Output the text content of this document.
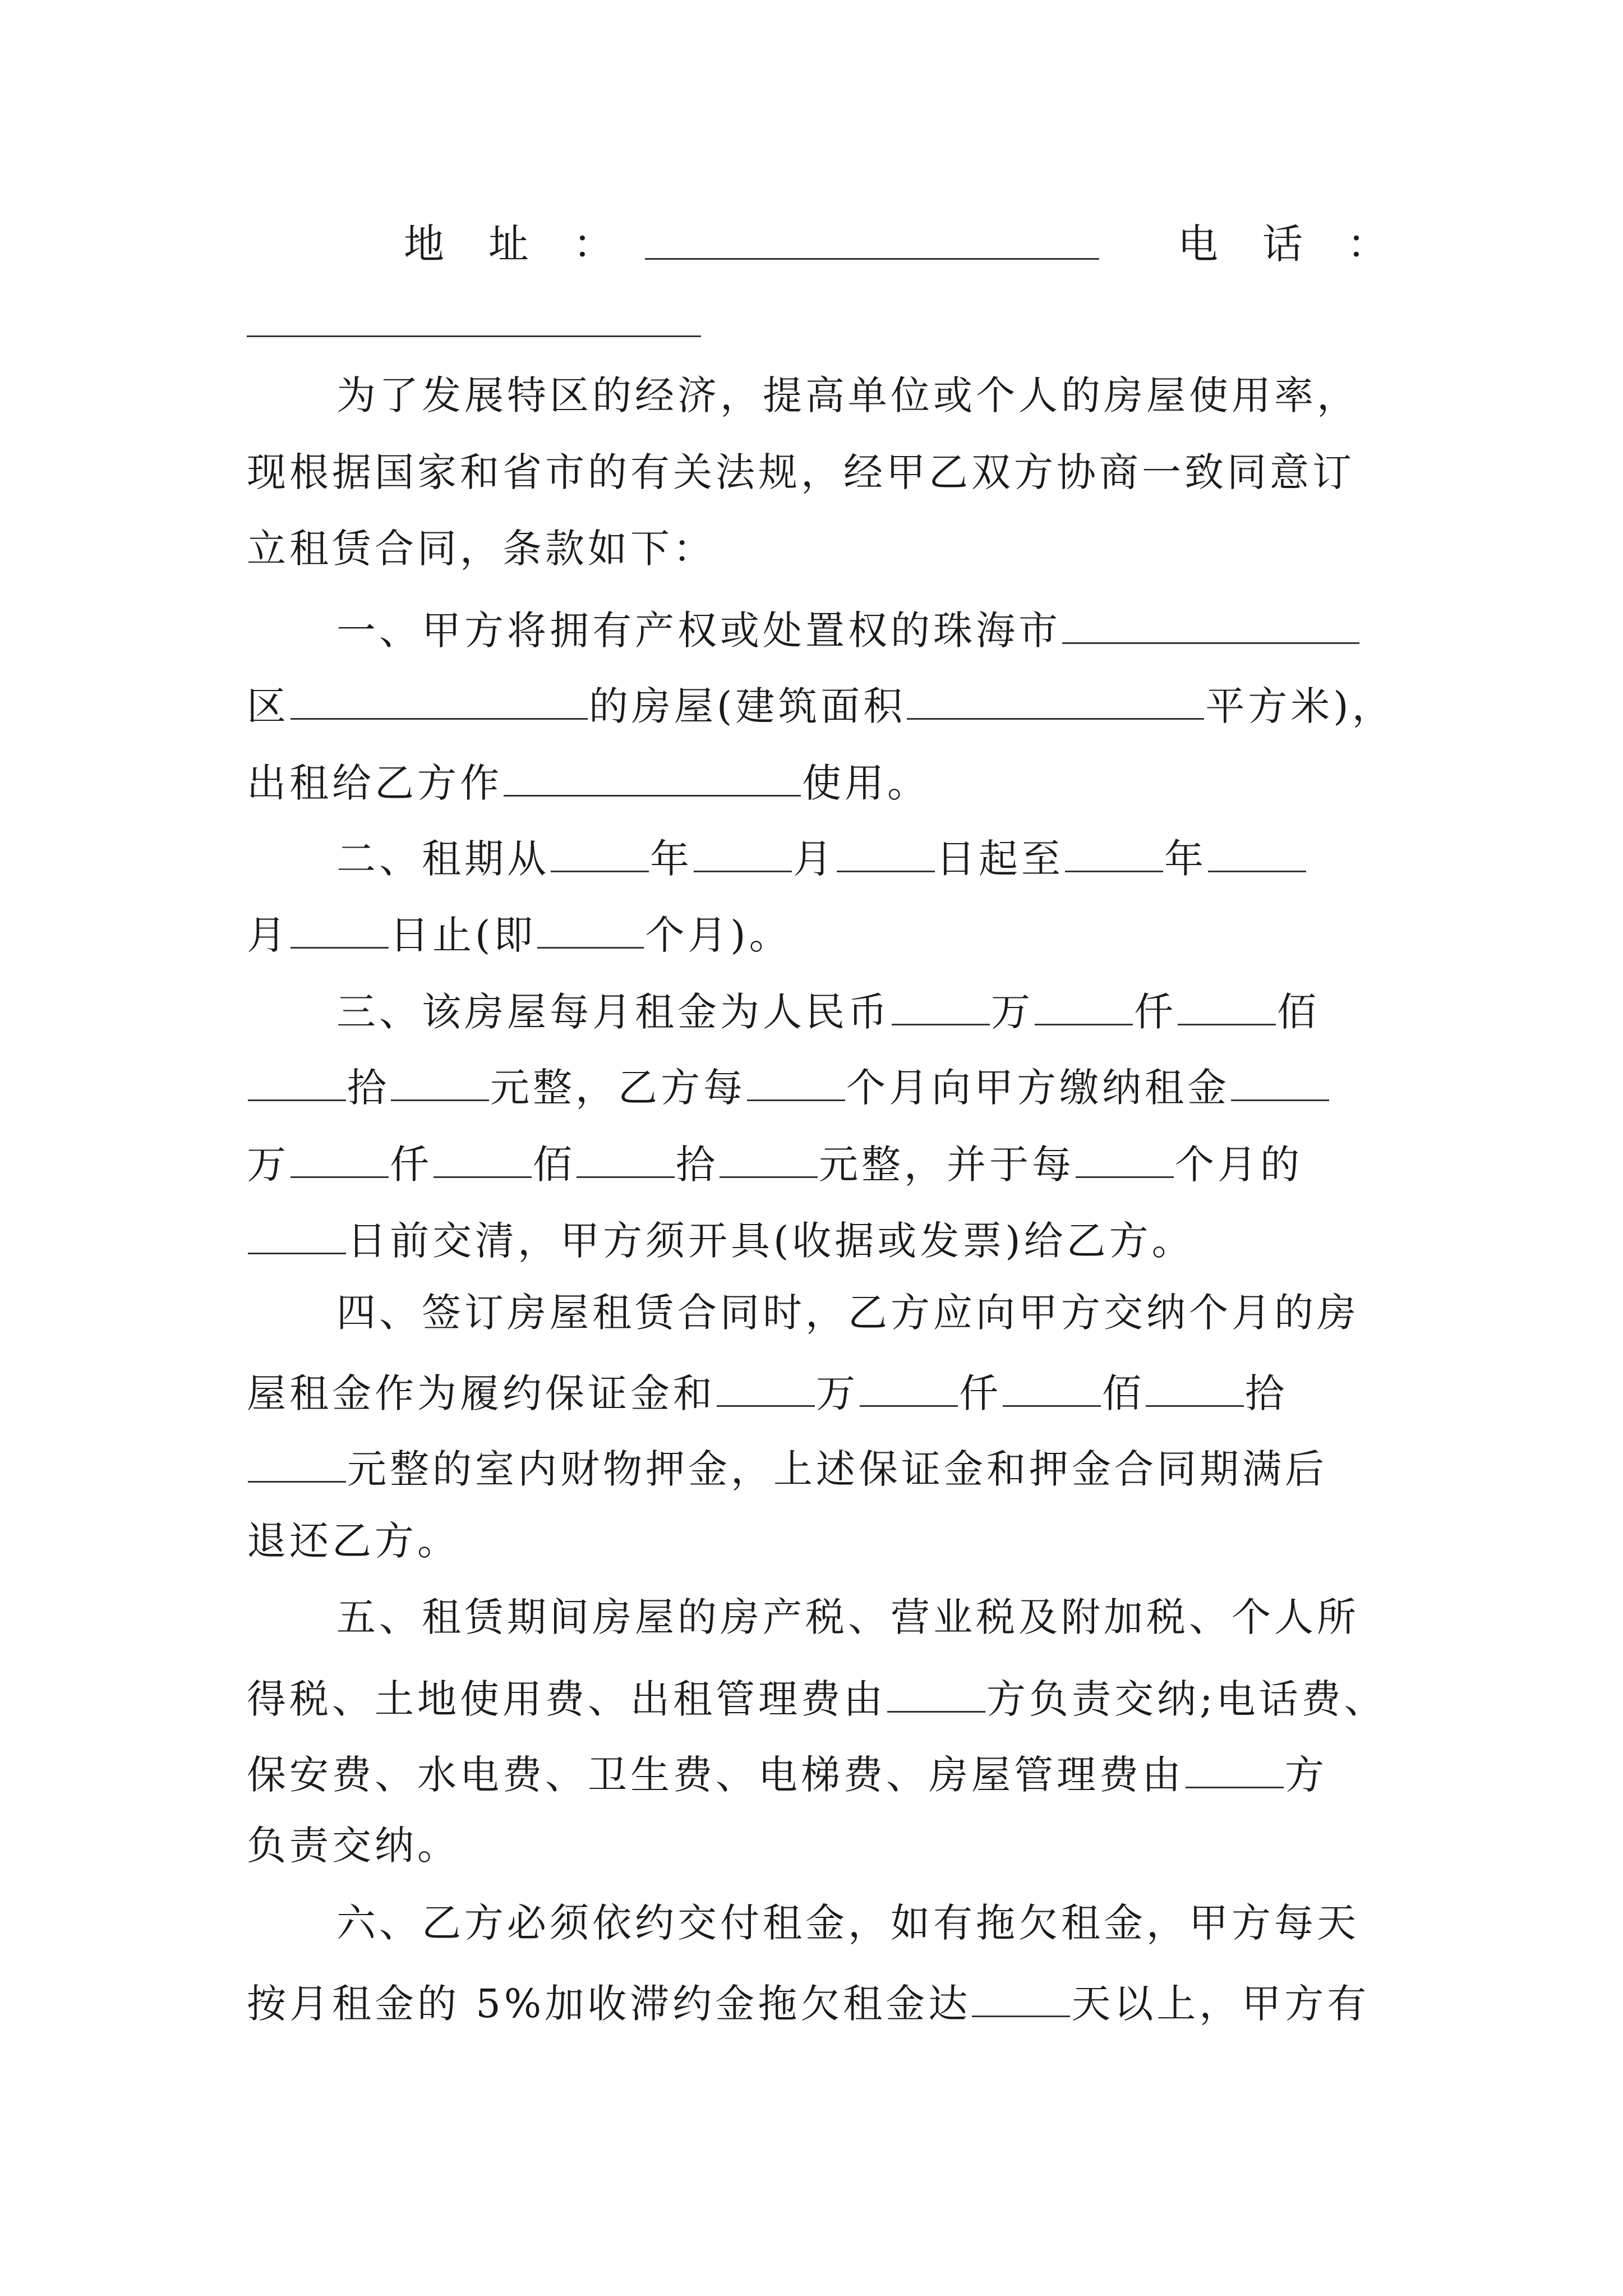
地 址 ：	电 话 ：
为了发展特区的经济，提高单位或个人的房屋使用率，
现根据国家和省市的有关法规，经甲乙双方协商一致同意订
立租赁合同，条款如下：
一、甲方将拥有产权或处置权的珠海市
区	的房屋(建筑面积	平方米)，
出租给乙方作	使用。
二、租期从	年	月	日起至	年
月	日止(即	个月)。
三、该房屋每月租金为人民币	万	仟	佰
拾	元整，乙方每	个月向甲方缴纳租金
万	仟	佰	拾	元整，并于每	个月的
日前交清，甲方须开具(收据或发票)给乙方。
四、签订房屋租赁合同时，乙方应向甲方交纳个月的房
屋租金作为履约保证金和	万	仟	佰	拾
元整的室内财物押金，上述保证金和押金合同期满后
退还乙方。
五、租赁期间房屋的房产税、营业税及附加税、个人所
得税、土地使用费、出租管理费由	方负责交纳;电话费、
保安费、水电费、卫生费、电梯费、房屋管理费由	方
负责交纳。
六、乙方必须依约交付租金，如有拖欠租金，甲方每天
按月租金的 5%加收滞约金拖欠租金达	天以上，甲方有
